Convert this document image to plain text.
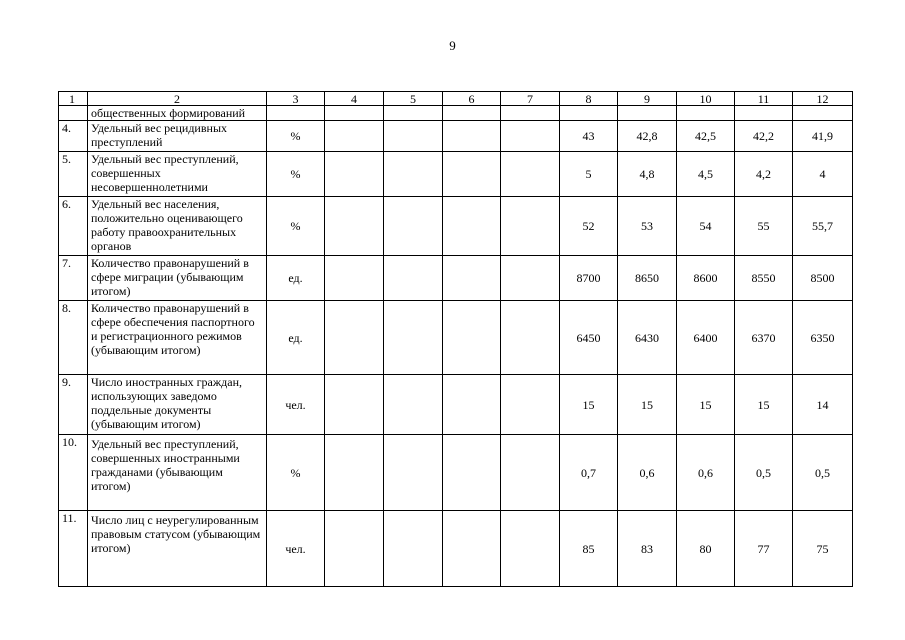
9
1	2	3	4	5	6	7	8	9	10	11	12
	общественных формирований										
4.	Удельный вес рецидивных преступлений	%					43	42,8	42,5	42,2	41,9
5.	Удельный вес преступлений, совершенных несовершеннолетними	%					5	4,8	4,5	4,2	4
6.	Удельный вес населения, положительно оценивающего работу правоохранительных органов	%					52	53	54	55	55,7
7.	Количество правонарушений в сфере миграции (убывающим итогом)	ед.					8700	8650	8600	8550	8500
8.	Количество правонарушений в сфере обеспечения паспортного и регистрационного режимов (убывающим итогом)	ед.					6450	6430	6400	6370	6350
9.	Число иностранных граждан, использующих заведомо поддельные документы (убывающим итогом)	чел.					15	15	15	15	14
10.	Удельный вес преступлений, совершенных иностранными гражданами (убывающим итогом)	%					0,7	0,6	0,6	0,5	0,5
11.	Число лиц с неурегулированным правовым статусом (убывающим итогом)	чел.					85	83	80	77	75
